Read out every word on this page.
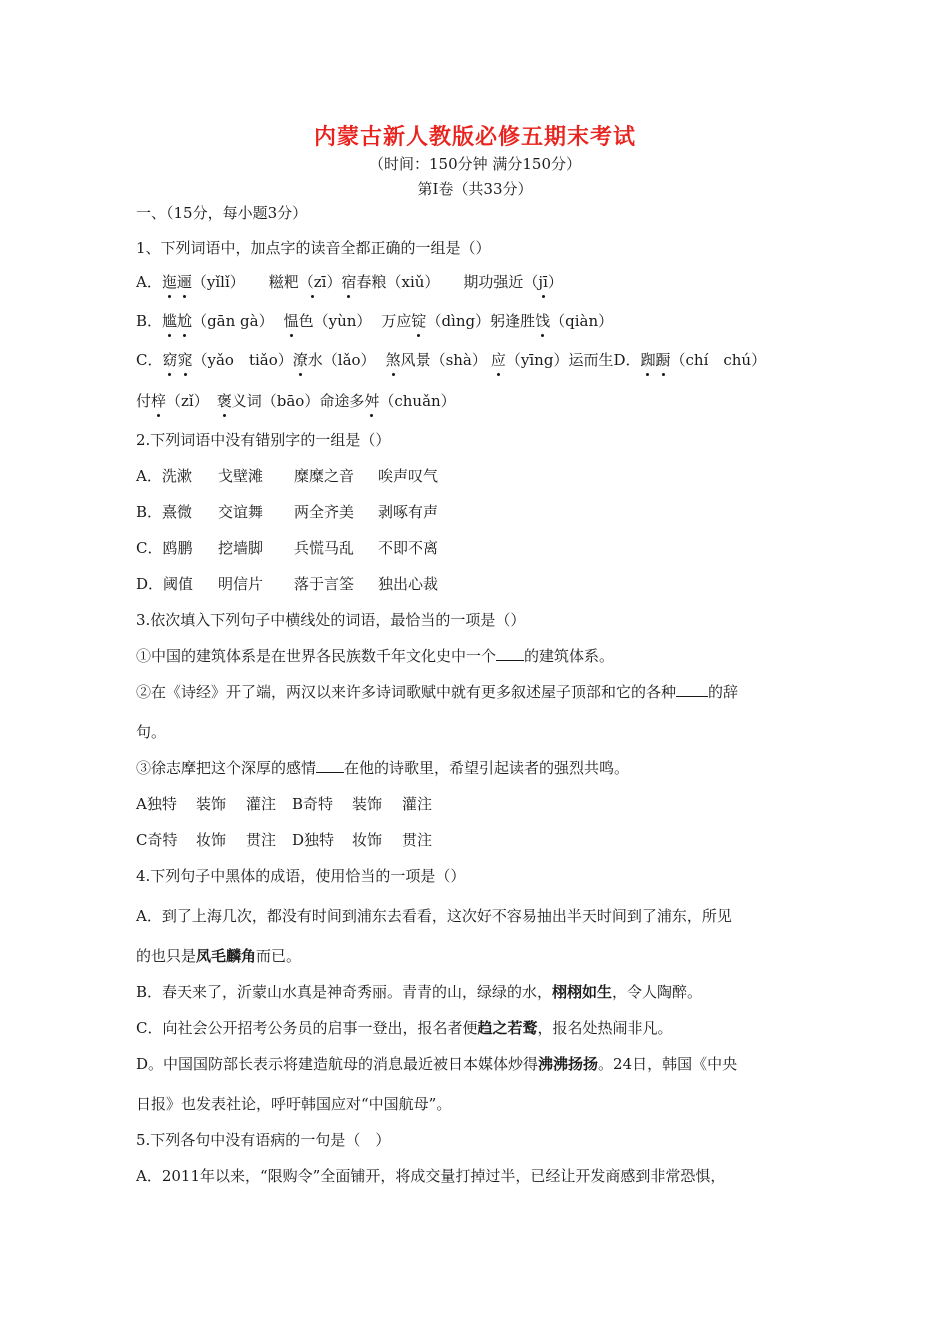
内蒙古新人教版必修五期末考试
（时间：150分钟 满分150分）
第Ⅰ卷（共33分）
一、（15分，每小题3分）
1、下列词语中，加点字的读音全都正确的一组是（）
A．迤逦（yǐlǐ） 糍粑（zī）宿春粮（xiǔ） 期功强近（jī）
B．尴尬（gān gà） 愠色（yùn） 万应锭（dìng）躬逢胜饯（qiàn）
C．窈窕（yǎo　tiǎo）潦水（lǎo） 煞风景（shà） 应（yīng）运而生D．踟蹰（chí　chú）
付梓（zǐ） 褒义词（bāo）命途多舛（chuǎn）
2.下列词语中没有错别字的一组是（）
A．洗漱 戈壁滩 糜糜之音 唉声叹气
B．熹微 交谊舞 两全齐美 剥啄有声
C．鸥鹏 挖墙脚 兵慌马乱 不即不离
D．阈值 明信片 落于言筌 独出心裁
3.依次填入下列句子中横线处的词语，最恰当的一项是（）
①中国的建筑体系是在世界各民族数千年文化史中一个 的建筑体系。
②在《诗经》开了端，两汉以来许多诗词歌赋中就有更多叙述屋子顶部和它的各种 的辞
句。
③徐志摩把这个深厚的感情 在他的诗歌里，希望引起读者的强烈共鸣。
A独特 装饰 灌注 B奇特 装饰 灌注
C奇特 妆饰 贯注 D独特 妆饰 贯注
4.下列句子中黑体的成语，使用恰当的一项是（）
A．到了上海几次，都没有时间到浦东去看看，这次好不容易抽出半天时间到了浦东，所见
的也只是凤毛麟角而已。
B．春天来了，沂蒙山水真是神奇秀丽。青青的山，绿绿的水，栩栩如生，令人陶醉。
C．向社会公开招考公务员的启事一登出，报名者便趋之若鹜，报名处热闹非凡。
D。中国国防部长表示将建造航母的消息最近被日本媒体炒得沸沸扬扬。24日，韩国《中央
日报》也发表社论，呼吁韩国应对“中国航母”。
5.下列各句中没有语病的一句是（　）
A．2011年以来，“限购令”全面铺开，将成交量打掉过半，已经让开发商感到非常恐惧，
